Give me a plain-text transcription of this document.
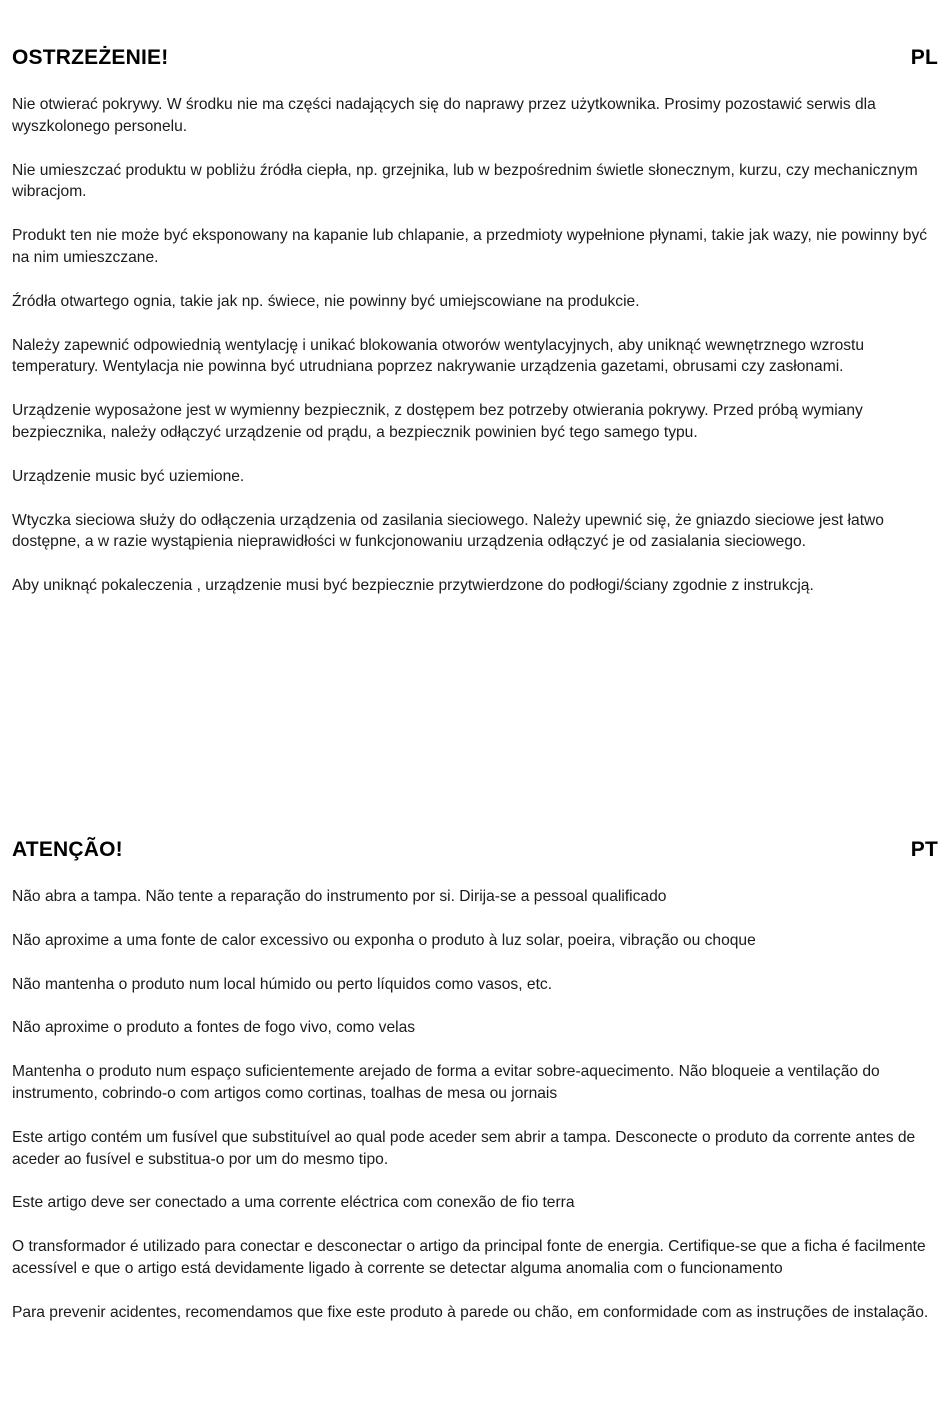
OSTRZEŻENIE!	PL

Nie otwierać pokrywy. W środku nie ma części nadających się do naprawy przez użytkownika. Prosimy pozostawić serwis dla wyszkolonego personelu.

Nie umieszczać produktu w pobliżu źródła ciepła, np. grzejnika, lub w bezpośrednim świetle słonecznym, kurzu, czy mechanicznym wibracjom.

Produkt ten nie może być eksponowany na kapanie lub chlapanie, a przedmioty wypełnione płynami, takie jak wazy, nie powinny być na nim umieszczane.

Źródła otwartego ognia, takie jak np. świece, nie powinny być umiejscowiane na produkcie.

Należy zapewnić odpowiednią wentylację i unikać blokowania otworów wentylacyjnych, aby uniknąć wewnętrznego wzrostu temperatury. Wentylacja nie powinna być utrudniana poprzez nakrywanie urządzenia gazetami, obrusami czy zasłonami.

Urządzenie wyposażone jest w wymienny bezpiecznik, z dostępem bez potrzeby otwierania pokrywy. Przed próbą wymiany bezpiecznika, należy odłączyć urządzenie od prądu, a bezpiecznik powinien być tego samego typu.

Urządzenie music być uziemione.

Wtyczka sieciowa służy do odłączenia urządzenia od zasilania sieciowego. Należy upewnić się, że gniazdo sieciowe jest łatwo dostępne, a w razie wystąpienia nieprawidłości w funkcjonowaniu urządzenia odłączyć je od zasialania sieciowego.

Aby uniknąć pokaleczenia , urządzenie musi być bezpiecznie przytwierdzone do podłogi/ściany zgodnie z instrukcją.

ATENÇÃO!	PT

Não abra a tampa. Não tente a reparação do instrumento por si. Dirija-se a pessoal qualificado

Não aproxime a uma fonte de calor excessivo ou exponha o produto à luz solar, poeira, vibração ou choque

Não mantenha o produto num local húmido ou perto líquidos como vasos, etc.

Não aproxime o produto a fontes de fogo vivo, como velas

Mantenha o produto num espaço suficientemente arejado de forma a evitar sobre-aquecimento. Não bloqueie a ventilação do instrumento, cobrindo-o com artigos como cortinas, toalhas de mesa ou jornais

Este artigo contém um fusível que substituível ao qual pode aceder sem abrir a tampa. Desconecte o produto da corrente antes de aceder ao fusível e substitua-o por um do mesmo tipo.

Este artigo deve ser conectado a uma corrente eléctrica com conexão de fio terra

O transformador é utilizado para conectar e desconectar o artigo da principal fonte de energia. Certifique-se que a ficha é facilmente acessível e que o artigo está devidamente ligado à corrente se detectar alguma anomalia com o funcionamento

Para prevenir acidentes, recomendamos que fixe este produto à parede ou chão, em conformidade com as instruções de instalação.
